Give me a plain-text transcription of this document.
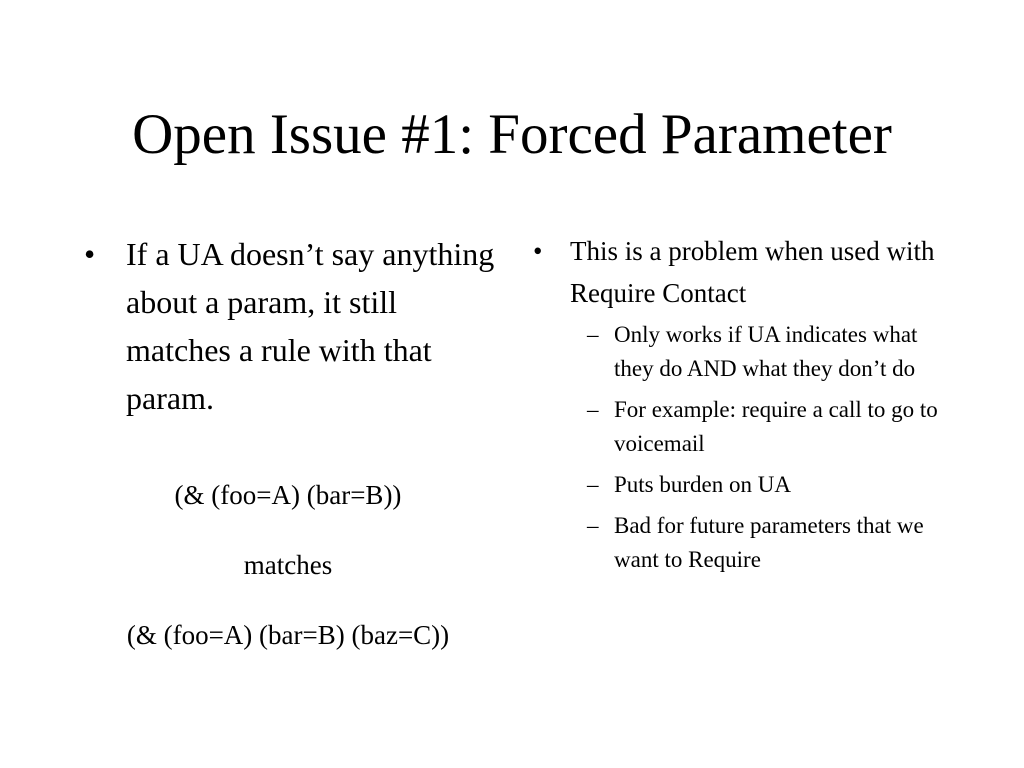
Open Issue #1: Forced Parameter
• If a UA doesn’t say anything about a param, it still matches a rule with that param.
(& (foo=A) (bar=B))
matches
(& (foo=A) (bar=B) (baz=C))
• This is a problem when used with Require Contact
– Only works if UA indicates what they do AND what they don’t do
– For example: require a call to go to voicemail
– Puts burden on UA
– Bad for future parameters that we want to Require
